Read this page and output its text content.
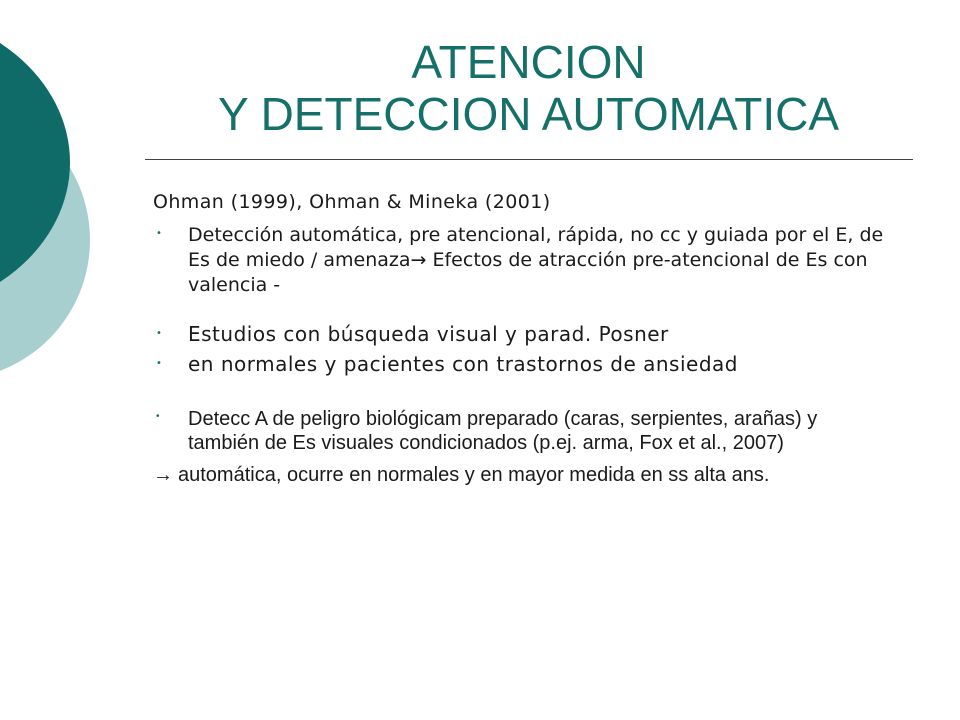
ATENCION
Y DETECCION AUTOMATICA
Ohman (1999), Ohman & Mineka (2001)
• Detección automática, pre atencional, rápida, no cc y guiada por el E, de Es de miedo / amenaza→ Efectos de atracción pre-atencional de Es con valencia -
• Estudios con búsqueda visual y parad. Posner
• en normales y pacientes con trastornos de ansiedad
• Detecc A de peligro biológicam preparado (caras, serpientes, arañas) y también de Es visuales condicionados (p.ej. arma, Fox et al., 2007)
→ automática, ocurre en normales y en mayor medida en ss alta ans.
